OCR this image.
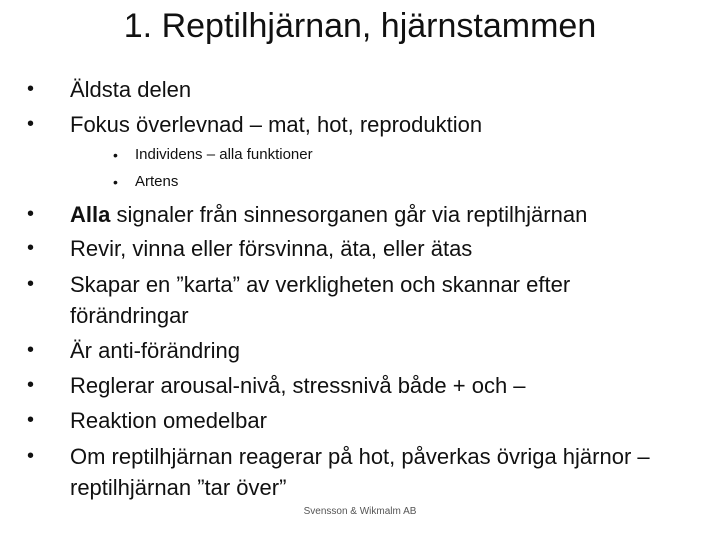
1. Reptilhjärnan, hjärnstammen
• Äldsta delen
• Fokus överlevnad – mat, hot, reproduktion
• Individens – alla funktioner
• Artens
• Alla signaler från sinnesorganen går via reptilhjärnan
• Revir, vinna eller försvinna, äta, eller ätas
• Skapar en ”karta” av verkligheten och skannar efter förändringar
• Är anti-förändring
• Reglerar arousal-nivå, stressnivå både + och –
• Reaktion omedelbar
• Om reptilhjärnan reagerar på hot, påverkas övriga hjärnor – reptilhjärnan ”tar över”
Svensson & Wikmalm AB
